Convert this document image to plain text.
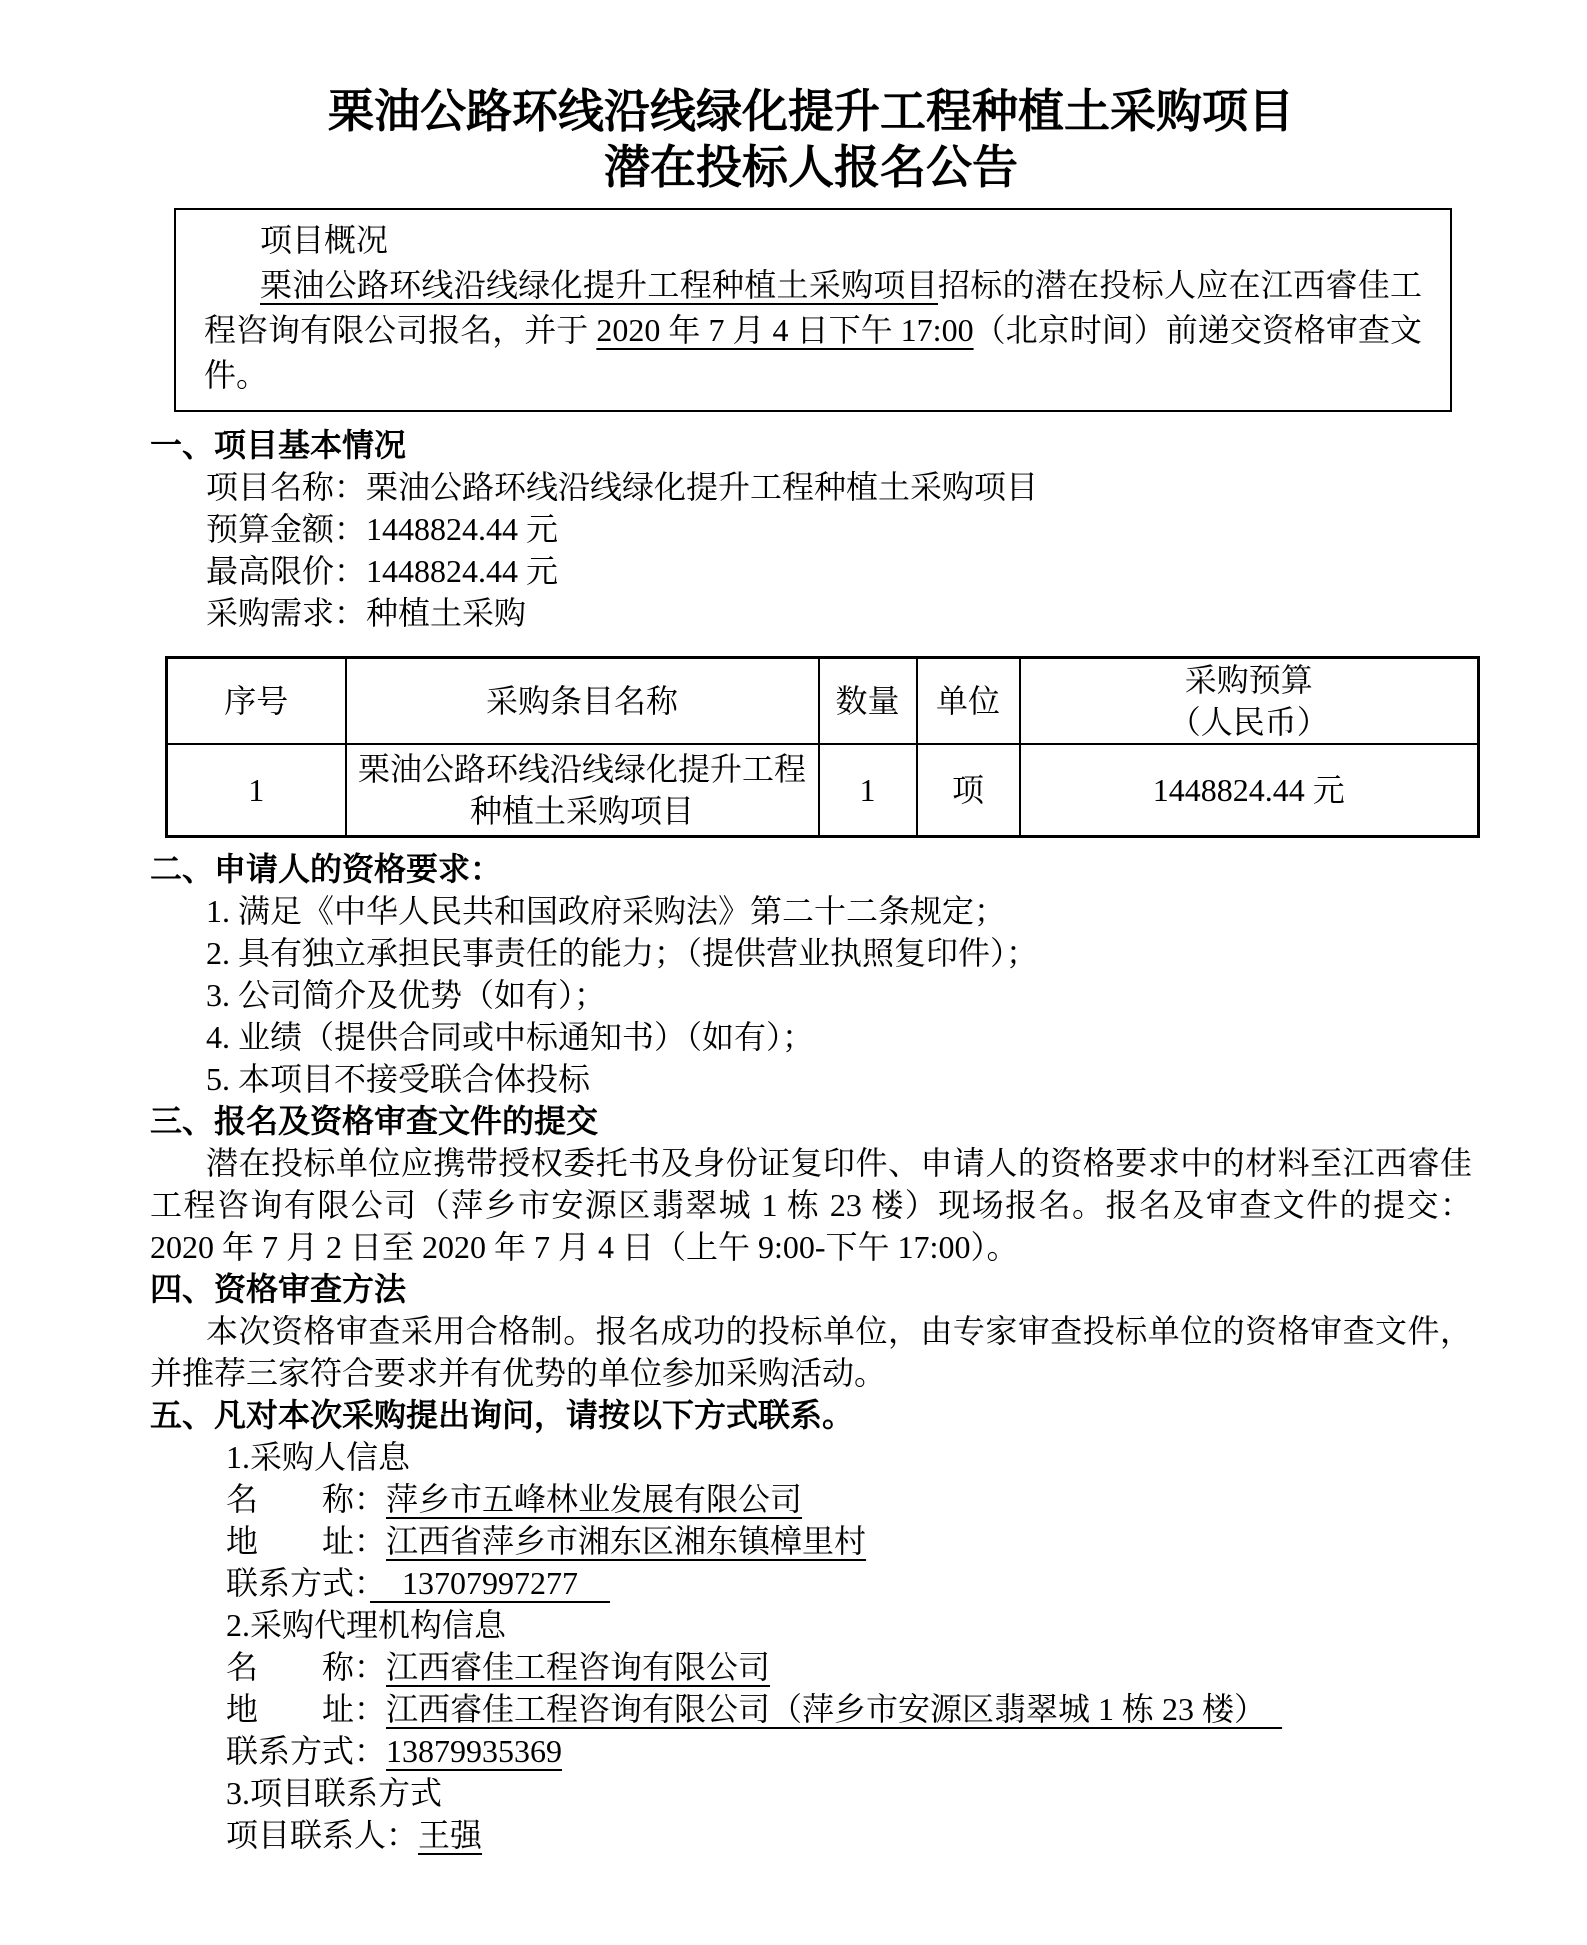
栗油公路环线沿线绿化提升工程种植土采购项目
潜在投标人报名公告

项目概况

栗油公路环线沿线绿化提升工程种植土采购项目招标的潜在投标人应在江西睿佳工程咨询有限公司报名，并于 2020 年 7 月 4 日下午 17:00（北京时间）前递交资格审查文件。

一、项目基本情况

项目名称：栗油公路环线沿线绿化提升工程种植土采购项目

预算金额：1448824.44 元

最高限价：1448824.44 元

采购需求：种植土采购

序号	采购条目名称	数量	单位	采购预算
（人民币）
1	栗油公路环线沿线绿化提升工程种植土采购项目	1	项	1448824.44 元
二、申请人的资格要求：

1. 满足《中华人民共和国政府采购法》第二十二条规定；

2. 具有独立承担民事责任的能力；（提供营业执照复印件）；

3. 公司简介及优势（如有）；

4. 业绩（提供合同或中标通知书）（如有）；

5. 本项目不接受联合体投标

三、报名及资格审查文件的提交

潜在投标单位应携带授权委托书及身份证复印件、申请人的资格要求中的材料至江西睿佳工程咨询有限公司（萍乡市安源区翡翠城 1 栋 23 楼）现场报名。报名及审查文件的提交：2020 年 7 月 2 日至 2020 年 7 月 4 日（上午 9:00-下午 17:00）。

四、资格审查方法

本次资格审查采用合格制。报名成功的投标单位，由专家审查投标单位的资格审查文件，并推荐三家符合要求并有优势的单位参加采购活动。

五、凡对本次采购提出询问，请按以下方式联系。

1.采购人信息

名　　称：萍乡市五峰林业发展有限公司

地　　址：江西省萍乡市湘东区湘东镇樟里村

联系方式：　13707997277　

2.采购代理机构信息

名　　称：江西睿佳工程咨询有限公司

地　　址：江西睿佳工程咨询有限公司（萍乡市安源区翡翠城 1 栋 23 楼）　

联系方式：13879935369

3.项目联系方式

项目联系人：王强
